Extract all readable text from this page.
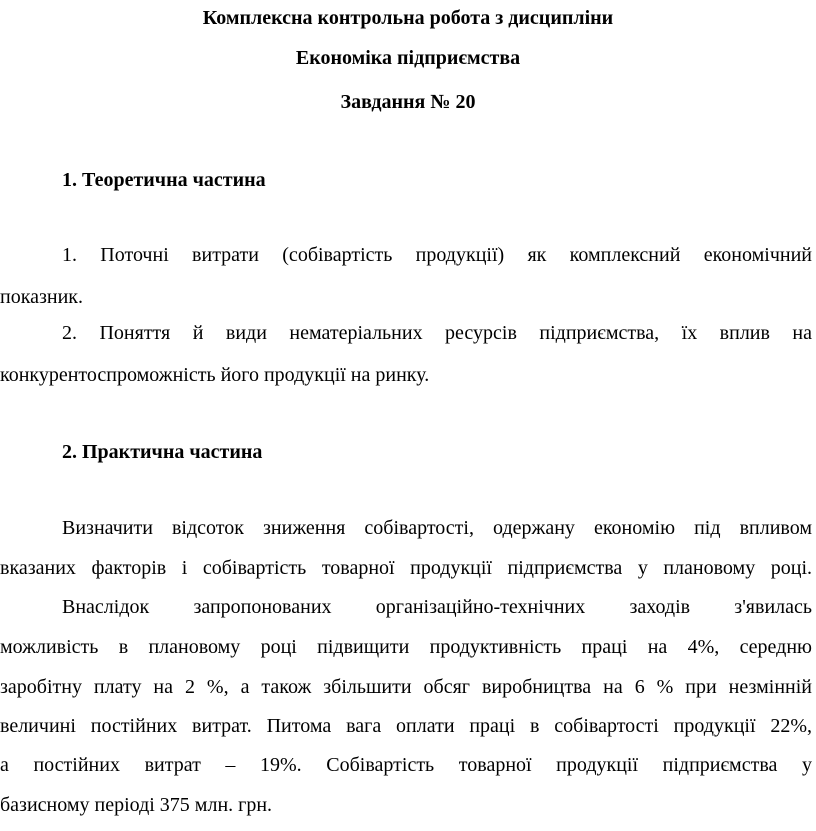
Комплексна контрольна робота з дисципліни
Економіка підприємства
Завдання № 20
1. Теоретична частина
1. Поточні витрати (собівартість продукції) як комплексний економічний
показник.
2. Поняття й види нематеріальних ресурсів підприємства, їх вплив на
конкурентоспроможність його продукції на ринку.
2. Практична частина
Визначити відсоток зниження собівартості, одержану економію під впливом
вказаних факторів і собівартість товарної продукції підприємства у плановому році.
Внаслідок запропонованих організаційно-технічних заходів з'явилась
можливість в плановому році підвищити продуктивність праці на 4%, середню
заробітну плату на 2 %, а також збільшити обсяг виробництва на 6 % при незмінній
величині постійних витрат. Питома вага оплати праці в собівартості продукції 22%,
а постійних витрат – 19%. Собівартість товарної продукції підприємства у
базисному періоді 375 млн. грн.
